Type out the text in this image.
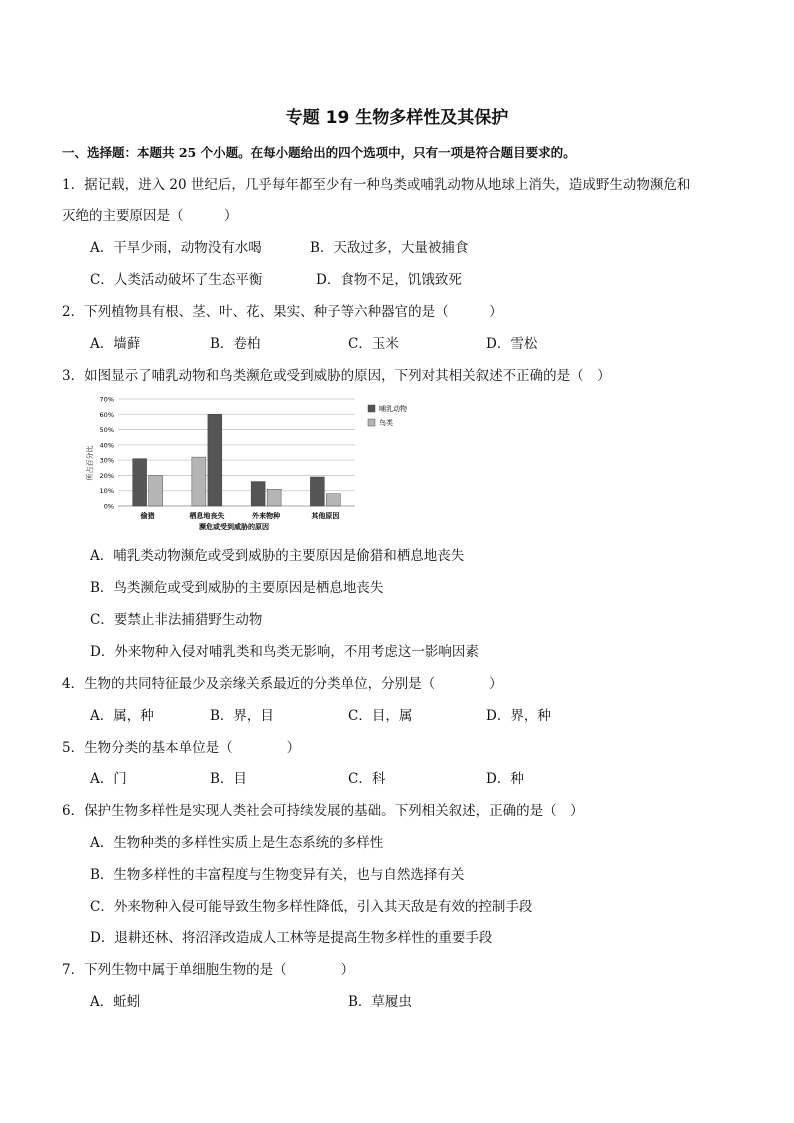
专题 19 生物多样性及其保护
一、选择题：本题共 25 个小题。在每小题给出的四个选项中，只有一项是符合题目要求的。
1．据记载，进入 20 世纪后，几乎每年都至少有一种鸟类或哺乳动物从地球上消失，造成野生动物濒危和
灭绝的主要原因是（　　　）
A．干旱少雨，动物没有水喝	B．天敌过多，大量被捕食
C．人类活动破坏了生态平衡	D．食物不足，饥饿致死
2．下列植物具有根、茎、叶、花、果实、种子等六种器官的是（　　　）
A．墙藓	B．卷柏	C．玉米	D．雪松
3．如图显示了哺乳动物和鸟类濒危或受到威胁的原因，下列对其相关叙述不正确的是（　）
0%
10%
20%
30%
40%
50%
60%
70%
偷猎	栖息地丧失	外来物种	其他原因
哺乳动物
鸟类
所占百分比
濒危或受到威胁的原因
A．哺乳类动物濒危或受到威胁的主要原因是偷猎和栖息地丧失
B．鸟类濒危或受到威胁的主要原因是栖息地丧失
C．要禁止非法捕猎野生动物
D．外来物种入侵对哺乳类和鸟类无影响，不用考虑这一影响因素
4．生物的共同特征最少及亲缘关系最近的分类单位，分别是（　　　　）
A．属，种	B．界，目	C．目，属	D．界，种
5．生物分类的基本单位是（　　　　）
A．门	B．目	C．科	D．种
6．保护生物多样性是实现人类社会可持续发展的基础。下列相关叙述，正确的是（　）
A．生物种类的多样性实质上是生态系统的多样性
B．生物多样性的丰富程度与生物变异有关，也与自然选择有关
C．外来物种入侵可能导致生物多样性降低，引入其天敌是有效的控制手段
D．退耕还林、将沼泽改造成人工林等是提高生物多样性的重要手段
7．下列生物中属于单细胞生物的是（　　　　）
A．蚯蚓	B．草履虫
